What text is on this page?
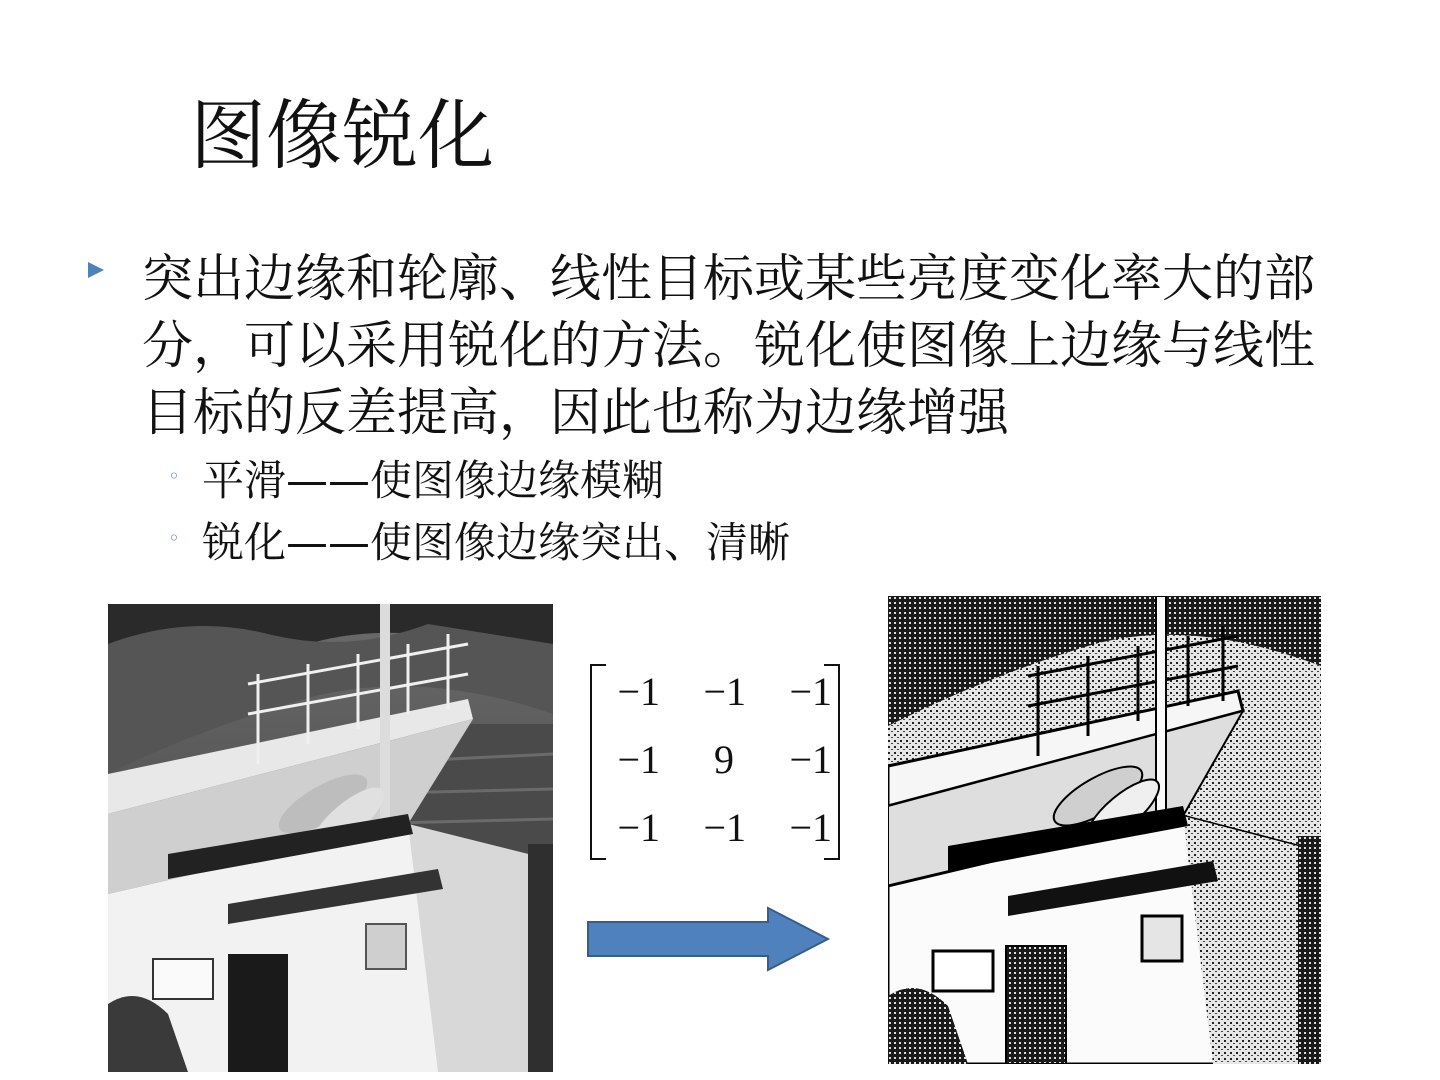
图像锐化
突出边缘和轮廓、线性目标或某些亮度变化率大的部分，可以采用锐化的方法。锐化使图像上边缘与线性目标的反差提高，因此也称为边缘增强
◦ 平滑——使图像边缘模糊
◦ 锐化——使图像边缘突出、清晰
−1	−1	−1
−1	9	−1
−1	−1	−1
